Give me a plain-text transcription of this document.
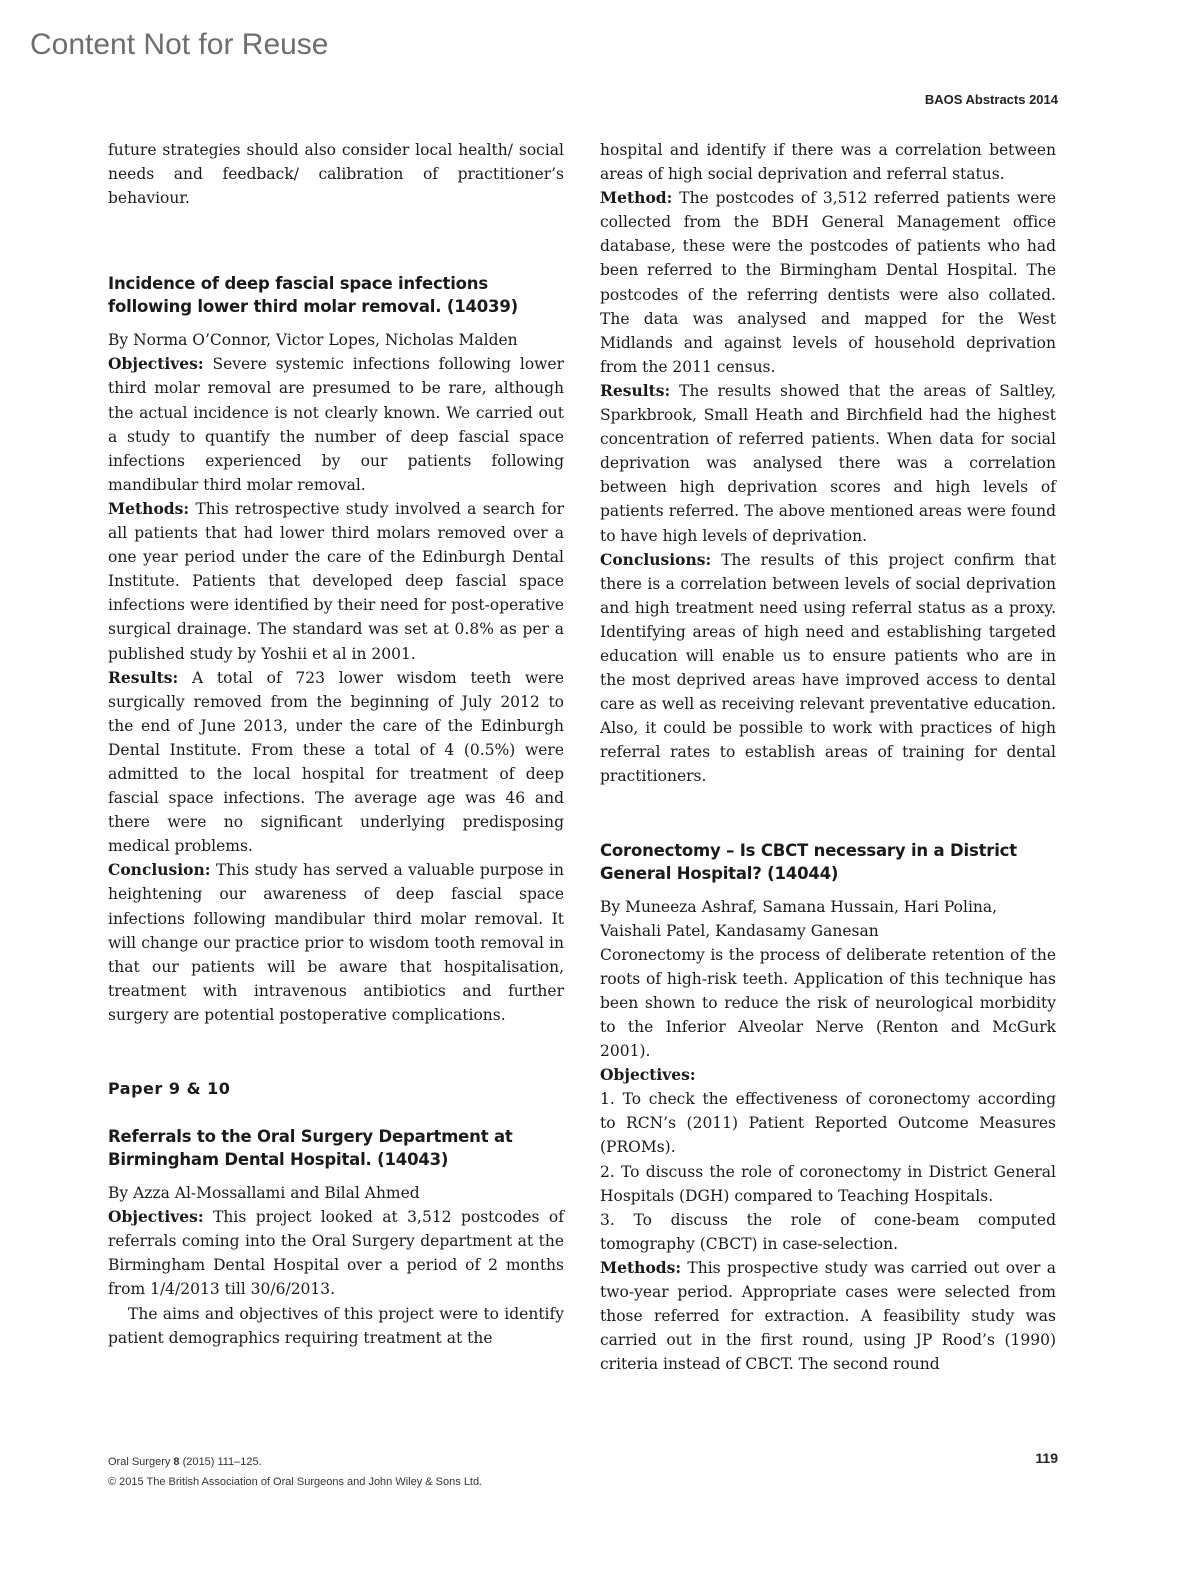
Content Not for Reuse
BAOS Abstracts 2014

future strategies should also consider local health/ social needs and feedback/ calibration of practitioner’s behaviour.

Incidence of deep fascial space infections following lower third molar removal. (14039)

By Norma O’Connor, Victor Lopes, Nicholas Malden

Objectives: Severe systemic infections following lower third molar removal are presumed to be rare, although the actual incidence is not clearly known. We carried out a study to quantify the number of deep fascial space infections experienced by our patients following mandibular third molar removal.

Methods: This retrospective study involved a search for all patients that had lower third molars removed over a one year period under the care of the Edinburgh Dental Institute. Patients that developed deep fascial space infections were identified by their need for post-operative surgical drainage. The standard was set at 0.8% as per a published study by Yoshii et al in 2001.

Results: A total of 723 lower wisdom teeth were surgically removed from the beginning of July 2012 to the end of June 2013, under the care of the Edinburgh Dental Institute. From these a total of 4 (0.5%) were admitted to the local hospital for treatment of deep fascial space infections. The average age was 46 and there were no significant underlying predisposing medical problems.

Conclusion: This study has served a valuable purpose in heightening our awareness of deep fascial space infections following mandibular third molar removal. It will change our practice prior to wisdom tooth removal in that our patients will be aware that hospitalisation, treatment with intravenous antibiotics and further surgery are potential postoperative complications.

Paper 9 & 10
Referrals to the Oral Surgery Department at Birmingham Dental Hospital. (14043)

By Azza Al-Mossallami and Bilal Ahmed

Objectives: This project looked at 3,512 postcodes of referrals coming into the Oral Surgery department at the Birmingham Dental Hospital over a period of 2 months from 1/4/2013 till 30/6/2013.

The aims and objectives of this project were to identify patient demographics requiring treatment at the

hospital and identify if there was a correlation between areas of high social deprivation and referral status.

Method: The postcodes of 3,512 referred patients were collected from the BDH General Management office database, these were the postcodes of patients who had been referred to the Birmingham Dental Hospital. The postcodes of the referring dentists were also collated. The data was analysed and mapped for the West Midlands and against levels of household deprivation from the 2011 census.

Results: The results showed that the areas of Saltley, Sparkbrook, Small Heath and Birchfield had the highest concentration of referred patients. When data for social deprivation was analysed there was a correlation between high deprivation scores and high levels of patients referred. The above mentioned areas were found to have high levels of deprivation.

Conclusions: The results of this project confirm that there is a correlation between levels of social deprivation and high treatment need using referral status as a proxy. Identifying areas of high need and establishing targeted education will enable us to ensure patients who are in the most deprived areas have improved access to dental care as well as receiving relevant preventative education. Also, it could be possible to work with practices of high referral rates to establish areas of training for dental practitioners.

Coronectomy – Is CBCT necessary in a District General Hospital? (14044)

By Muneeza Ashraf, Samana Hussain, Hari Polina, Vaishali Patel, Kandasamy Ganesan

Coronectomy is the process of deliberate retention of the roots of high-risk teeth. Application of this technique has been shown to reduce the risk of neurological morbidity to the Inferior Alveolar Nerve (Renton and McGurk 2001).

Objectives:

1. To check the effectiveness of coronectomy according to RCN’s (2011) Patient Reported Outcome Measures (PROMs).

2. To discuss the role of coronectomy in District General Hospitals (DGH) compared to Teaching Hospitals.

3. To discuss the role of cone-beam computed tomography (CBCT) in case-selection.

Methods: This prospective study was carried out over a two-year period. Appropriate cases were selected from those referred for extraction. A feasibility study was carried out in the first round, using JP Rood’s (1990) criteria instead of CBCT. The second round

Oral Surgery 8 (2015) 111–125.
© 2015 The British Association of Oral Surgeons and John Wiley & Sons Ltd.
119
